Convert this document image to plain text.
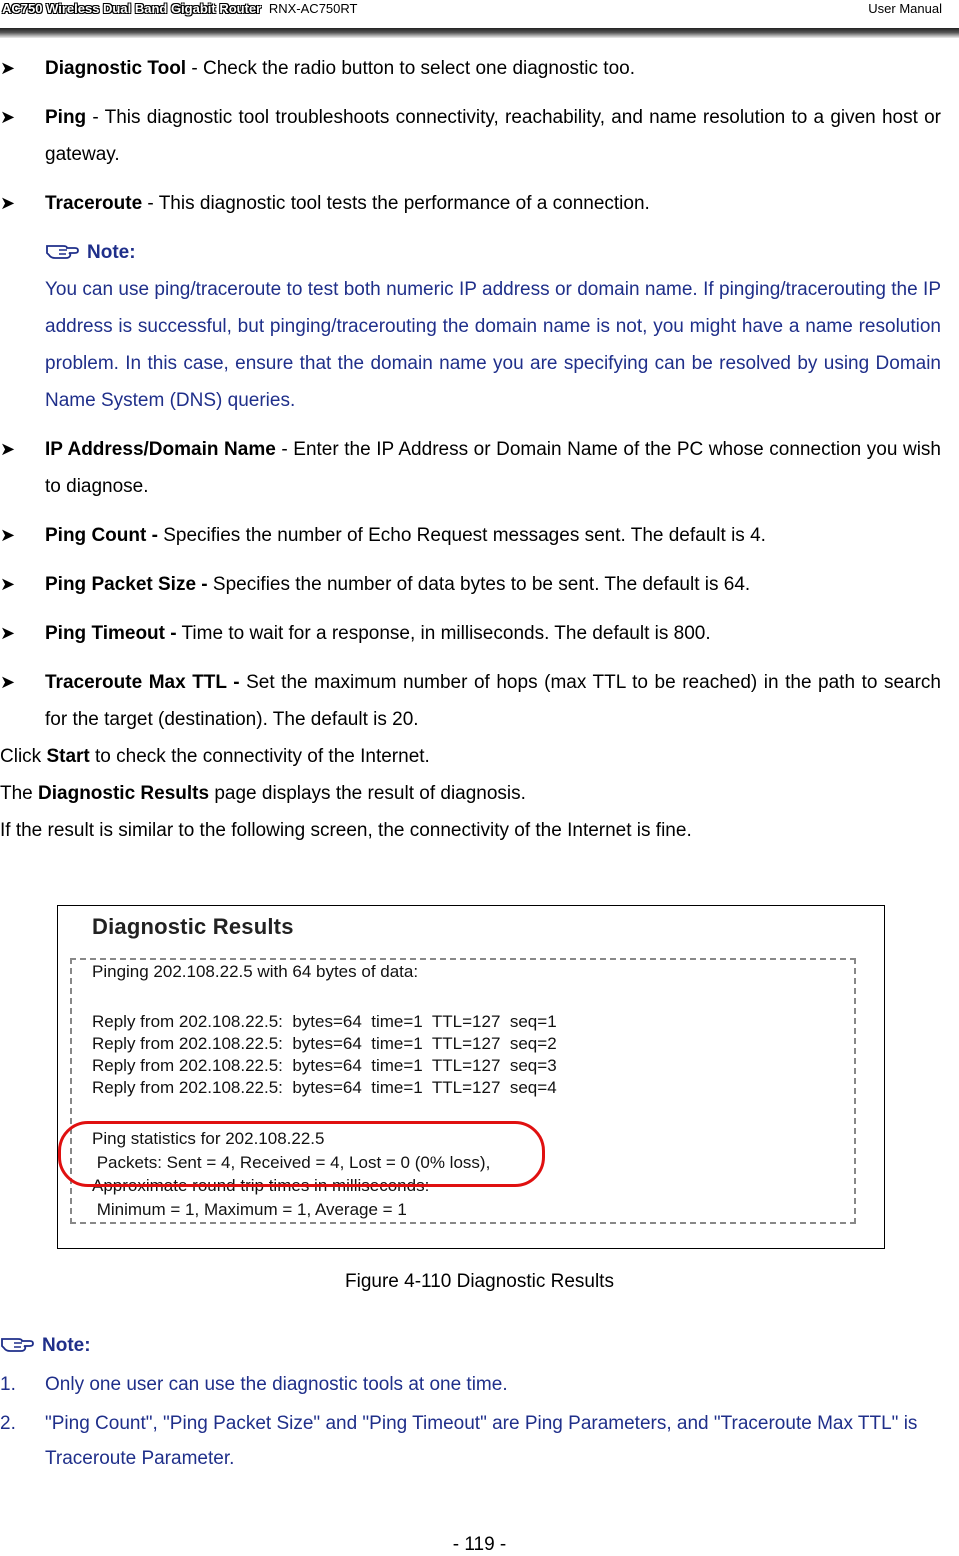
AC750 Wireless Dual Band Gigabit Router RNX-AC750RT	User Manual
➤ Diagnostic Tool - Check the radio button to select one diagnostic too.
➤ Ping - This diagnostic tool troubleshoots connectivity, reachability, and name resolution to a given host or gateway.
➤ Traceroute - This diagnostic tool tests the performance of a connection.
Note:
You can use ping/traceroute to test both numeric IP address or domain name. If pinging/tracerouting the IP address is successful, but pinging/tracerouting the domain name is not, you might have a name resolution problem. In this case, ensure that the domain name you are specifying can be resolved by using Domain Name System (DNS) queries.
➤ IP Address/Domain Name - Enter the IP Address or Domain Name of the PC whose connection you wish to diagnose.
➤ Ping Count - Specifies the number of Echo Request messages sent. The default is 4.
➤ Ping Packet Size - Specifies the number of data bytes to be sent. The default is 64.
➤ Ping Timeout - Time to wait for a response, in milliseconds. The default is 800.
➤ Traceroute Max TTL - Set the maximum number of hops (max TTL to be reached) in the path to search for the target (destination). The default is 20.
Click Start to check the connectivity of the Internet.
The Diagnostic Results page displays the result of diagnosis.
If the result is similar to the following screen, the connectivity of the Internet is fine.
Diagnostic Results
Pinging 202.108.22.5 with 64 bytes of data:
Reply from 202.108.22.5:  bytes=64  time=1  TTL=127  seq=1
Reply from 202.108.22.5:  bytes=64  time=1  TTL=127  seq=2
Reply from 202.108.22.5:  bytes=64  time=1  TTL=127  seq=3
Reply from 202.108.22.5:  bytes=64  time=1  TTL=127  seq=4
Ping statistics for 202.108.22.5
Packets: Sent = 4, Received = 4, Lost = 0 (0% loss),
Approximate round trip times in milliseconds:
Minimum = 1, Maximum = 1, Average = 1
Figure 4-110 Diagnostic Results
Note:
1. Only one user can use the diagnostic tools at one time.
2. "Ping Count", "Ping Packet Size" and "Ping Timeout" are Ping Parameters, and "Traceroute Max TTL" is Traceroute Parameter.
- 119 -
